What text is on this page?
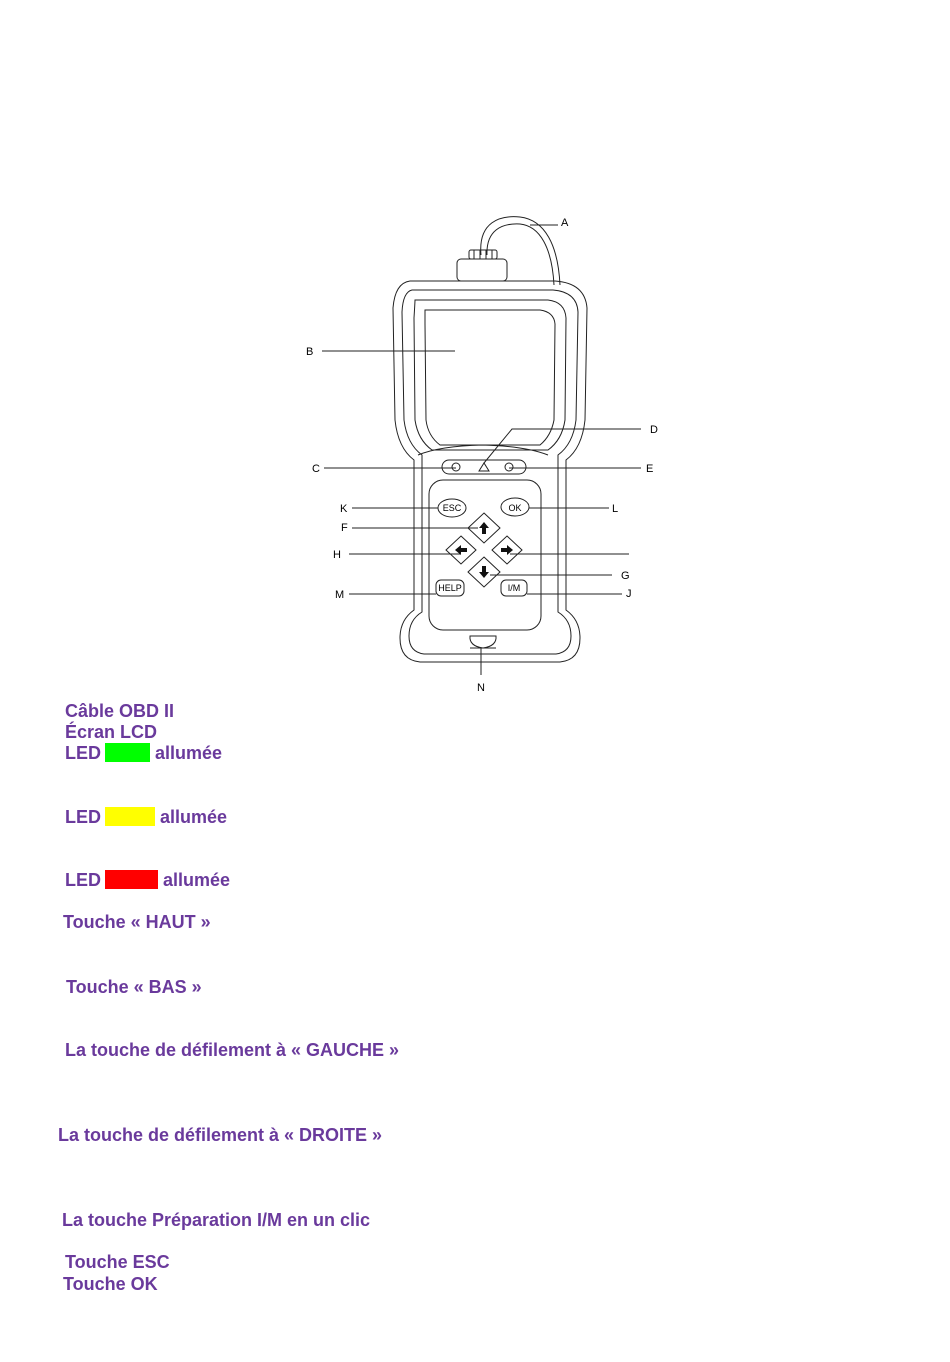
ESC	OK
HELP	I/M
A
B
D
C	E
K	L
F
H
G
M	J
N
Câble OBD II
Écran LCD
LED	allumée
LED	allumée
LED	allumée
Touche « HAUT »
Touche « BAS »
La touche de défilement à « GAUCHE »
La touche de défilement à « DROITE »
La touche Préparation I/M en un clic
Touche ESC
Touche OK
